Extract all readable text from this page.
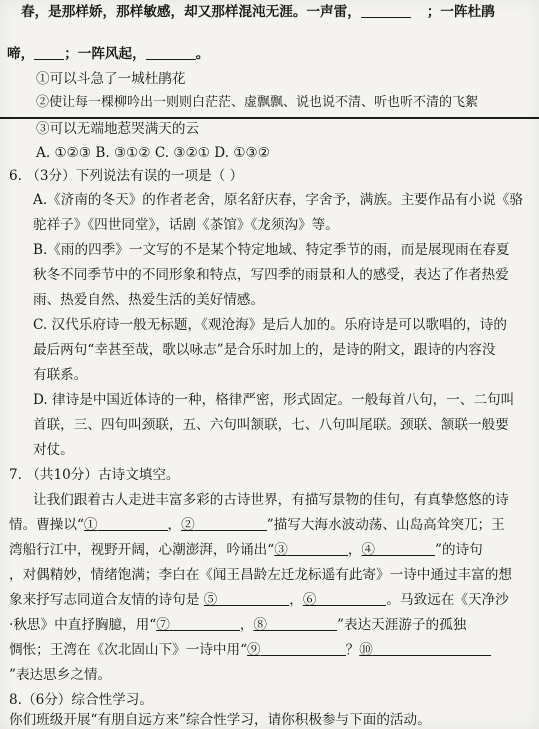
春，是那样娇，那样敏感，却又那样混沌无涯。一声雷，	；一阵杜鹃
啼， ；一阵风起，	。
①可以斗急了一城杜鹃花
②使让每一棵柳吟出一则则白茫茫、虚飘飘、说也说不清、听也听不清的飞絮
③可以无端地惹哭满天的云
A. ①②③ B. ③①② C. ③②① D. ①③②
6. （3分）下列说法有误的一项是（ ）
A.《济南的冬天》的作者老舍，原名舒庆春，字舍予，满族。主要作品有小说《骆
驼祥子》《四世同堂》，话剧《茶馆》《龙须沟》等。
B.《雨的四季》一文写的不是某个特定地域、特定季节的雨，而是展现雨在春夏
秋冬不同季节中的不同形象和特点，写四季的雨景和人的感受，表达了作者热爱
雨、热爱自然、热爱生活的美好情感。
C. 汉代乐府诗一般无标题，《观沧海》是后人加的。乐府诗是可以歌唱的，诗的
最后两句“幸甚至哉，歌以咏志”是合乐时加上的，是诗的附文，跟诗的内容没
有联系。
D. 律诗是中国近体诗的一种，格律严密，形式固定。一般每首八句，一、二句叫
首联，三、四句叫颈联，五、六句叫颔联，七、八句叫尾联。颈联、颔联一般要
对仗。
7. （共10分）古诗文填空。
让我们跟着古人走进丰富多彩的古诗世界，有描写景物的佳句，有真挚悠悠的诗
情。曹操以“①	，②	”描写大海水波动荡、山岛高耸突兀；王
湾船行江中，视野开阔，心潮澎湃，吟诵出“③	，④	”的诗句
，对偶精妙，情绪饱满；李白在《闻王昌龄左迁龙标遥有此寄》一诗中通过丰富的想
象来抒写志同道合友情的诗句是 ⑤	，⑥	。马致远在《天净沙
·秋思》中直抒胸臆，用“⑦	，⑧	”表达天涯游子的孤独
惆怅；王湾在《次北固山下》一诗中用“⑨	？⑩
”表达思乡之情。
8.（6分）综合性学习。
你们班级开展“有朋自远方来”综合性学习，请你积极参与下面的活动。
